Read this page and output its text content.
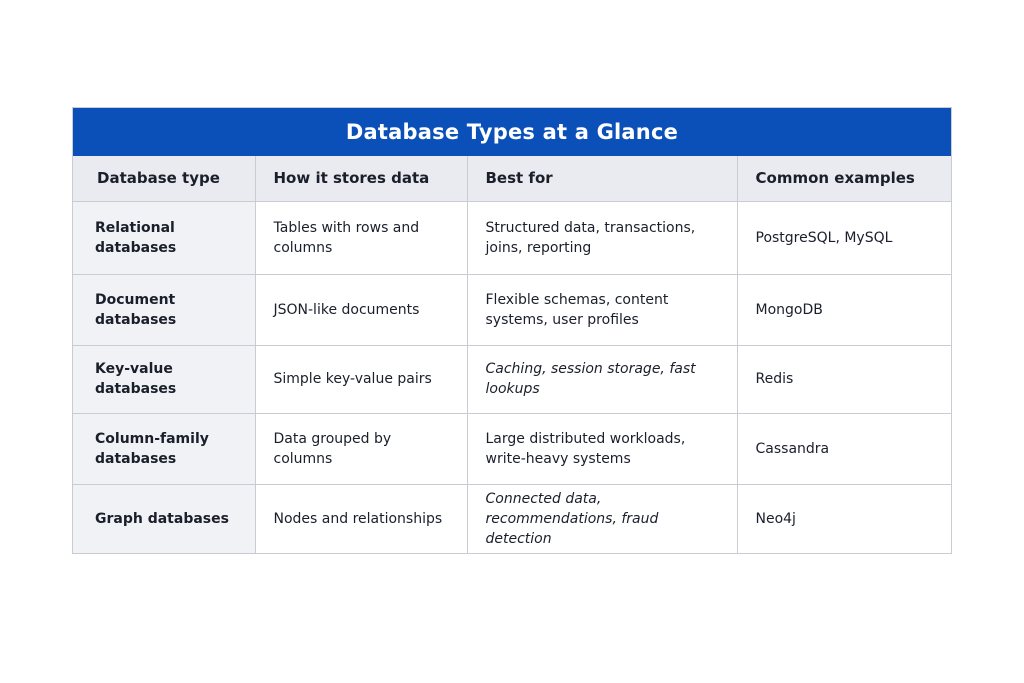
Database Types at a Glance
Database type	How it stores data	Best for	Common examples
Relational databases	Tables with rows and columns	Structured data, transactions, joins, reporting	PostgreSQL, MySQL
Document databases	JSON-like documents	Flexible schemas, content systems, user profiles	MongoDB
Key-value databases	Simple key-value pairs	Caching, session storage, fast lookups	Redis
Column-family databases	Data grouped by columns	Large distributed workloads, write-heavy systems	Cassandra
Graph databases	Nodes and relationships	Connected data, recommendations, fraud detection	Neo4j
